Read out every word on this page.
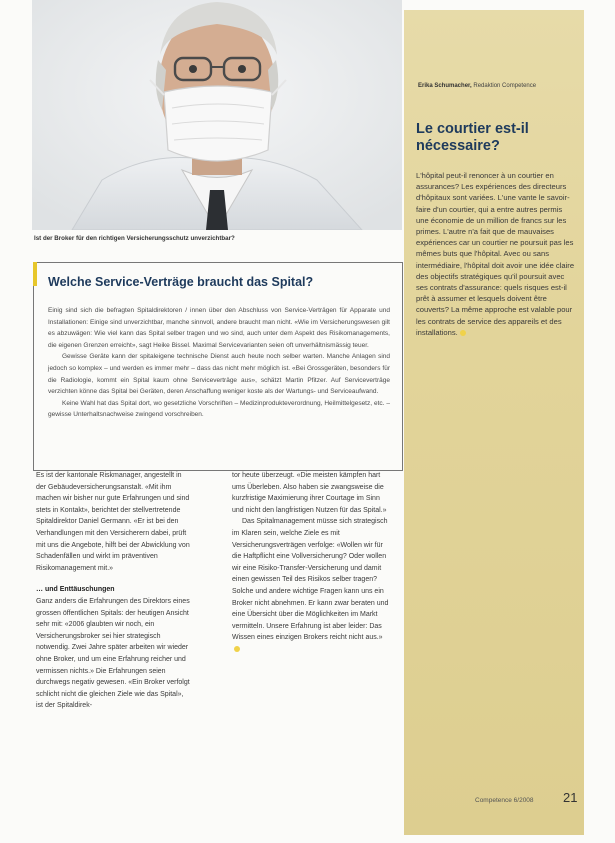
Ist der Broker für den richtigen Versicherungsschutz unverzichtbar?
Erika Schumacher, Redaktion Competence
Le courtier est-il nécessaire?
L'hôpital peut-il renoncer à un courtier en assurances? Les expériences des directeurs d'hôpitaux sont variées. L'une vante le savoir-faire d'un courtier, qui a entre autres permis une économie de un million de francs sur les primes. L'autre n'a fait que de mauvaises expériences car un courtier ne poursuit pas les mêmes buts que l'hôpital. Avec ou sans intermédiaire, l'hôpital doit avoir une idée claire des objectifs stratégiques qu'il poursuit avec ses contrats d'assurance: quels risques est-il prêt à assumer et lesquels doivent être couverts? La même approche est valable pour les contrats de service des appareils et des installations.
Welche Service-Verträge braucht das Spital?

Einig sind sich die befragten Spitaldirektoren / innen über den Abschluss von Service-Verträgen für Apparate und Installationen: Einige sind unverzichtbar, manche sinnvoll, andere braucht man nicht. «Wie im Versicherungswesen gilt es abzuwägen: Wie viel kann das Spital selber tragen und wo sind, auch unter dem Aspekt des Risikomanagements, die eigenen Grenzen erreicht», sagt Heike Bissel. Maximal Servicevarianten seien oft unverhältnismässig teuer.

Gewisse Geräte kann der spitaleigene technische Dienst auch heute noch selber warten. Manche Anlagen sind jedoch so komplex – und werden es immer mehr – dass das nicht mehr möglich ist. «Bei Grossgeräten, besonders für die Radiologie, kommt ein Spital kaum ohne Serviceverträge aus», schätzt Martin Pfitzer. Auf Serviceverträge verzichten könne das Spital bei Geräten, deren Anschaffung weniger koste als der Wartungs- und Serviceaufwand.

Keine Wahl hat das Spital dort, wo gesetzliche Vorschriften – Medizinprodukteverordnung, Heilmittelgesetz, etc. – gewisse Unterhaltsnachweise zwingend vorschreiben.

Es ist der kantonale Riskmanager, angestellt in der Gebäudeversicherungsanstalt. «Mit ihm machen wir bisher nur gute Erfahrungen und sind stets in Kontakt», berichtet der stellvertretende Spitaldirektor Daniel Germann. «Er ist bei den Verhandlungen mit den Versicherern dabei, prüft mit uns die Angebote, hilft bei der Abwicklung von Schadenfällen und wirkt im präventiven Risikomanagement mit.»

… und Enttäuschungen

Ganz anders die Erfahrungen des Direktors eines grossen öffentlichen Spitals: der heutigen Ansicht sehr mit: «2006 glaubten wir noch, ein Versicherungsbroker sei hier strategisch notwendig. Zwei Jahre später arbeiten wir wieder ohne Broker, und um eine Erfahrung reicher und vermissen nichts.» Die Erfahrungen seien durchwegs negativ gewesen. «Ein Broker verfolgt schlicht nicht die gleichen Ziele wie das Spital», ist der Spitaldirek-

tor heute überzeugt. «Die meisten kämpfen hart ums Überleben. Also haben sie zwangsweise die kurzfristige Maximierung ihrer Courtage im Sinn und nicht den langfristigen Nutzen für das Spital.»

Das Spitalmanagement müsse sich strategisch im Klaren sein, welche Ziele es mit Versicherungsverträgen verfolge: «Wollen wir für die Haftpflicht eine Vollversicherung? Oder wollen wir eine Risiko-Transfer-Versicherung und damit einen gewissen Teil des Risikos selber tragen? Solche und andere wichtige Fragen kann uns ein Broker nicht abnehmen. Er kann zwar beraten und eine Übersicht über die Möglichkeiten im Markt vermitteln. Unsere Erfahrung ist aber leider: Das Wissen eines einzigen Brokers reicht nicht aus.»

Competence 6/2008 21
